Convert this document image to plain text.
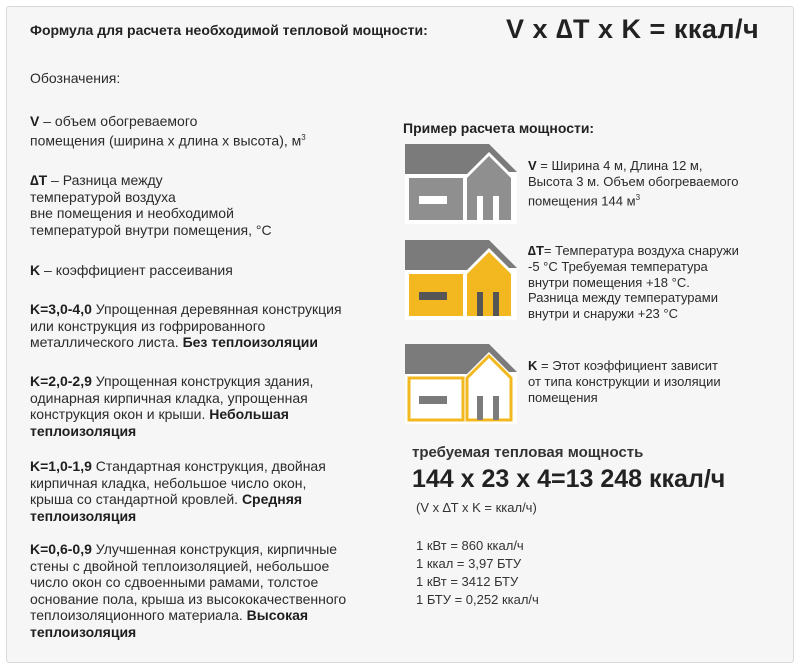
Формула для расчета необходимой тепловой мощности:	V x ∆T x K = ккал/ч
Обозначения:
V – объем обогреваемого
помещения (ширина x длина x высота), $м^3$
∆T – Разница между
температурой воздуха
вне помещения и необходимой
температурой внутри помещения, °С
K – коэффициент рассеивания
K=3,0-4,0 Упрощенная деревянная конструкция
или конструкция из гофрированного
металлического листа. Без теплоизоляции
K=2,0-2,9 Упрощенная конструкция здания,
одинарная кирпичная кладка, упрощенная
конструкция окон и крыши. Небольшая
теплоизоляция
K=1,0-1,9 Стандартная конструкция, двойная
кирпичная кладка, небольшое число окон,
крыша со стандартной кровлей. Средняя
теплоизоляция
K=0,6-0,9 Улучшенная конструкция, кирпичные
стены с двойной теплоизоляцией, небольшое
число окон со сдвоенными рамами, толстое
основание пола, крыша из высококачественного
теплоизоляционного материала. Высокая
теплоизоляция
Пример расчета мощности:
V = Ширина 4 м, Длина 12 м,
Высота 3 м. Объем обогреваемого
помещения 144 $м^3$
∆T= Температура воздуха снаружи
-5 °С Требуемая температура
внутри помещения +18 °С.
Разница между температурами
внутри и снаружи +23 °С
K = Этот коэффициент зависит
от типа конструкции и изоляции
помещения
требуемая тепловая мощность
144 x 23 x 4=13 248 ккал/ч
(V x ∆T x K = ккал/ч)
1 кВт = 860 ккал/ч
1 ккал = 3,97 БТУ
1 кВт = 3412 БТУ
1 БТУ = 0,252 ккал/ч
